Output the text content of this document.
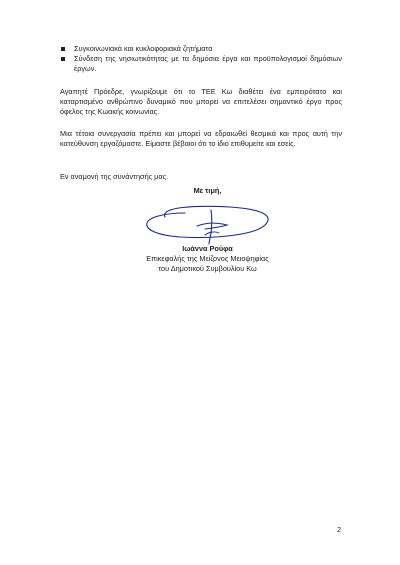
Συγκοινωνιακά και κυκλοφοριακά ζητήματα
Σύνδεση της νησιωτικότητας με τα δημόσια έργα και προϋπολογισμοί δημόσιων έργων.

Αγαπητέ Πρόεδρε, γνωρίζουμε ότι το ΤΕΕ Κω διαθέτει ένα εμπειρότατο και καταρτισμένο ανθρώπινο δυναμικό που μπορεί να επιτελέσει σημαντικό έργο προς όφελος της Κωακής κοινωνίας.

Μια τέτοια συνεργασία πρέπει και μπορεί να εδραιωθεί θεσμικά και προς αυτή την κατεύθυνση εργαζόμαστε. Είμαστε βέβαιοι ότι το ίδιο επιθυμείτε και εσείς.

Εν αναμονή της συνάντησής μας.

Με τιμή,

Ιωάννα Ρούφα

Επικεφαλής της Μείζονος Μειοψηφίας

του Δημοτικού Συμβουλίου Κω

2
